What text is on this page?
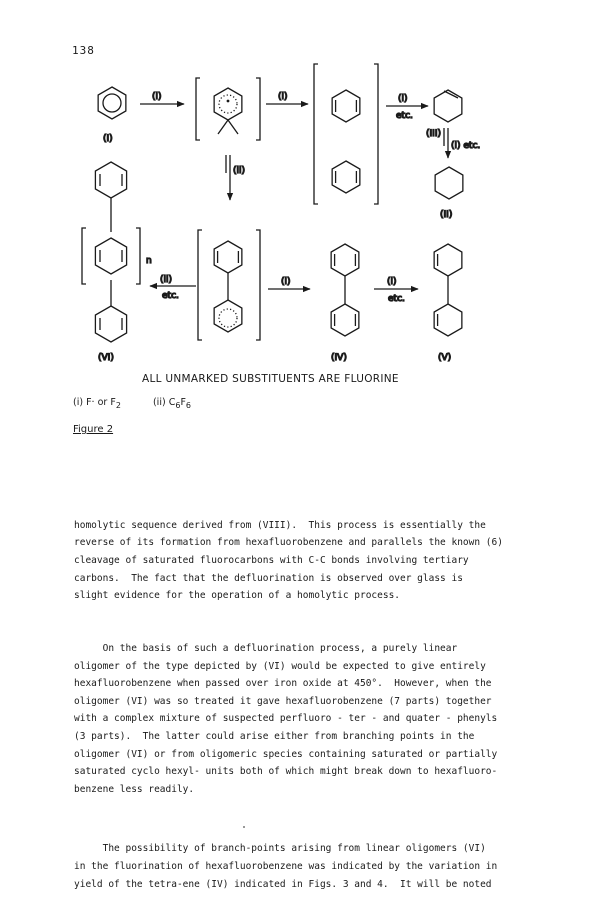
138
(I)
(i)	(i)
(ii)
(i)
etc.
(III)
(i) etc.
(II)
n
(VI)
(ii)
etc.
(i)
(IV)
(i)
etc.
(V)
ALL UNMARKED SUBSTITUENTS ARE FLUORINE
(i) F· or $F_2$	(ii) $C_6F_6$
Figure 2

homolytic sequence derived from (VIII).  This process is essentially the
reverse of its formation from hexafluorobenzene and parallels the known (6)
cleavage of saturated fluorocarbons with C-C bonds involving tertiary
carbons.  The fact that the defluorination is observed over glass is
slight evidence for the operation of a homolytic process.

On the basis of such a defluorination process, a purely linear
oligomer of the type depicted by (VI) would be expected to give entirely
hexafluorobenzene when passed over iron oxide at 450°.  However, when the
oligomer (VI) was so treated it gave hexafluorobenzene (7 parts) together
with a complex mixture of suspected perfluoro - ter - and quater - phenyls
(3 parts).  The latter could arise either from branching points in the
oligomer (VI) or from oligomeric species containing saturated or partially
saturated cyclo hexyl- units both of which might break down to hexafluoro-
benzene less readily.

The possibility of branch-points arising from linear oligomers (VI)
in the fluorination of hexafluorobenzene was indicated by the variation in
yield of the tetra-ene (IV) indicated in Figs. 3 and 4.  It will be noted
